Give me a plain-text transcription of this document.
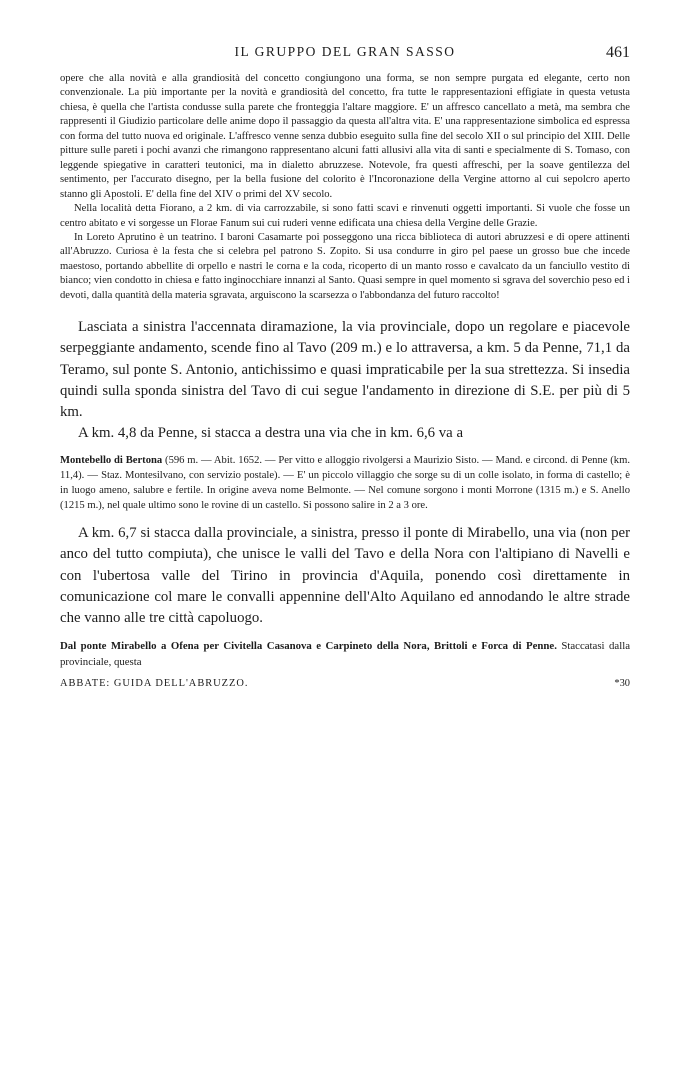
IL GRUPPO DEL GRAN SASSO	461

opere che alla novità e alla grandiosità del concetto congiungono una forma, se non sempre purgata ed elegante, certo non convenzionale. La più importante per la novità e grandiosità del concetto, fra tutte le rappresentazioni effigiate in questa vetusta chiesa, è quella che l'artista condusse sulla parete che fronteggia l'altare maggiore. E' un affresco cancellato a metà, ma sembra che rappresenti il Giudizio particolare delle anime dopo il passaggio da questa all'altra vita. E' una rappresentazione simbolica ed espressa con forma del tutto nuova ed originale. L'affresco venne senza dubbio eseguito sulla fine del secolo XII o sul principio del XIII. Delle pitture sulle pareti i pochi avanzi che rimangono rappresentano alcuni fatti allusivi alla vita di santi e specialmente di S. Tomaso, con leggende spiegative in caratteri teutonici, ma in dialetto abruzzese. Notevole, fra questi affreschi, per la soave gentilezza del sentimento, per l'accurato disegno, per la bella fusione del colorito è l'Incoronazione della Vergine attorno al cui sepolcro aperto stanno gli Apostoli. E' della fine del XIV o primi del XV secolo.

Nella località detta Fiorano, a 2 km. di via carrozzabile, si sono fatti scavi e rinvenuti oggetti importanti. Si vuole che fosse un centro abitato e vi sorgesse un Florae Fanum sui cui ruderi venne edificata una chiesa della Vergine delle Grazie.

In Loreto Aprutino è un teatrino. I baroni Casamarte poi posseggono una ricca biblioteca di autori abruzzesi e di opere attinenti all'Abruzzo. Curiosa è la festa che si celebra pel patrono S. Zopito. Si usa condurre in giro pel paese un grosso bue che incede maestoso, portando abbellite di orpello e nastri le corna e la coda, ricoperto di un manto rosso e cavalcato da un fanciullo vestito di bianco; vien condotto in chiesa e fatto inginocchiare innanzi al Santo. Quasi sempre in quel momento si sgrava del soverchio peso ed i devoti, dalla quantità della materia sgravata, arguiscono la scarsezza o l'abbondanza del futuro raccolto!

Lasciata a sinistra l'accennata diramazione, la via provinciale, dopo un regolare e piacevole serpeggiante andamento, scende fino al Tavo (209 m.) e lo attraversa, a km. 5 da Penne, 71,1 da Teramo, sul ponte S. Antonio, antichissimo e quasi impraticabile per la sua strettezza. Si insedia quindi sulla sponda sinistra del Tavo di cui segue l'andamento in direzione di S.E. per più di 5 km.

A km. 4,8 da Penne, si stacca a destra una via che in km. 6,6 va a

Montebello di Bertona (596 m. — Abit. 1652. — Per vitto e alloggio rivolgersi a Maurizio Sisto. — Mand. e circond. di Penne (km. 11,4). — Staz. Montesilvano, con servizio postale). — E' un piccolo villaggio che sorge su di un colle isolato, in forma di castello; è in luogo ameno, salubre e fertile. In origine aveva nome Belmonte. — Nel comune sorgono i monti Morrone (1315 m.) e S. Anello (1215 m.), nel quale ultimo sono le rovine di un castello. Si possono salire in 2 a 3 ore.

A km. 6,7 si stacca dalla provinciale, a sinistra, presso il ponte di Mirabello, una via (non per anco del tutto compiuta), che unisce le valli del Tavo e della Nora con l'altipiano di Navelli e con l'ubertosa valle del Tirino in provincia d'Aquila, ponendo così direttamente in comunicazione col mare le convalli appennine dell'Alto Aquilano ed annodando le altre strade che vanno alle tre città capoluogo.

Dal ponte Mirabello a Ofena per Civitella Casanova e Carpineto della Nora, Brittoli e Forca di Penne. Staccatasi dalla provinciale, questa

ABBATE: GUIDA DELL'ABRUZZO.	*30
